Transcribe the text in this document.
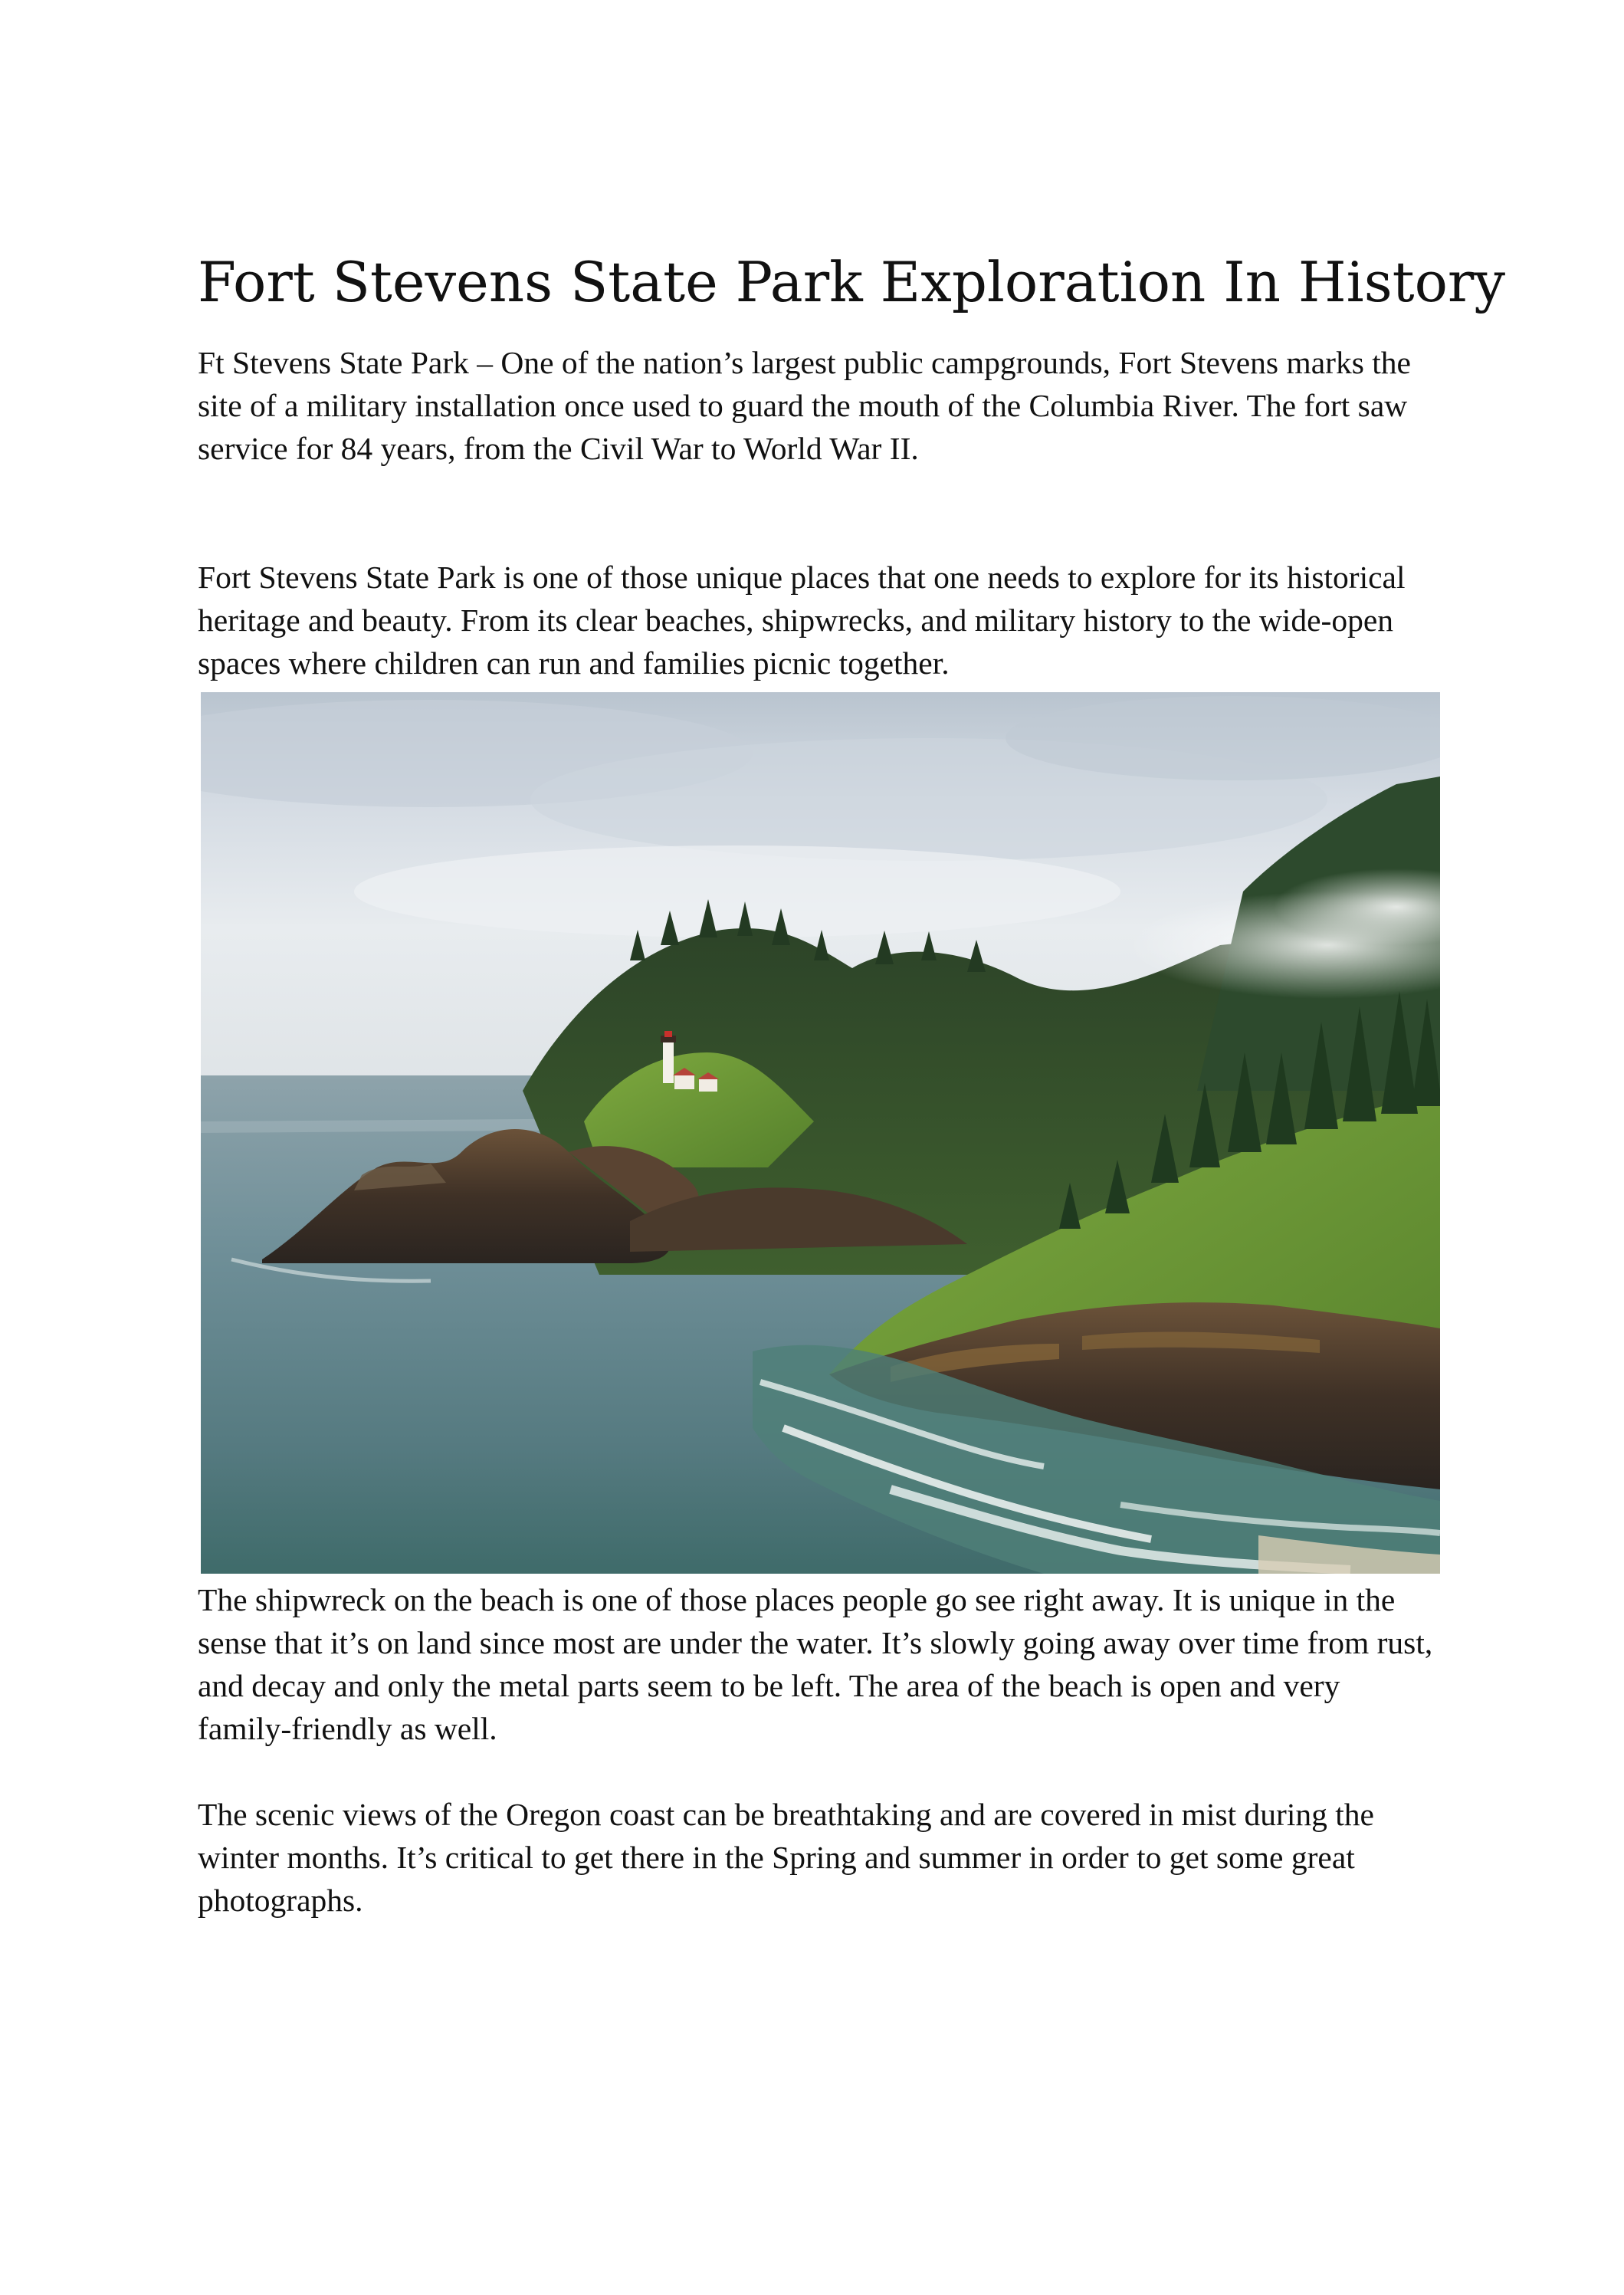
Fort Stevens State Park Exploration In History

Ft Stevens State Park – One of the nation’s largest public campgrounds, Fort Stevens marks the site of a military installation once used to guard the mouth of the Columbia River. The fort saw service for 84 years, from the Civil War to World War II.

Fort Stevens State Park is one of those unique places that one needs to explore for its historical heritage and beauty. From its clear beaches, shipwrecks, and military history to the wide-open spaces where children can run and families picnic together.

The shipwreck on the beach is one of those places people go see right away. It is unique in the sense that it’s on land since most are under the water. It’s slowly going away over time from rust, and decay and only the metal parts seem to be left. The area of the beach is open and very family-friendly as well.

The scenic views of the Oregon coast can be breathtaking and are covered in mist during the winter months. It’s critical to get there in the Spring and summer in order to get some great photographs.
